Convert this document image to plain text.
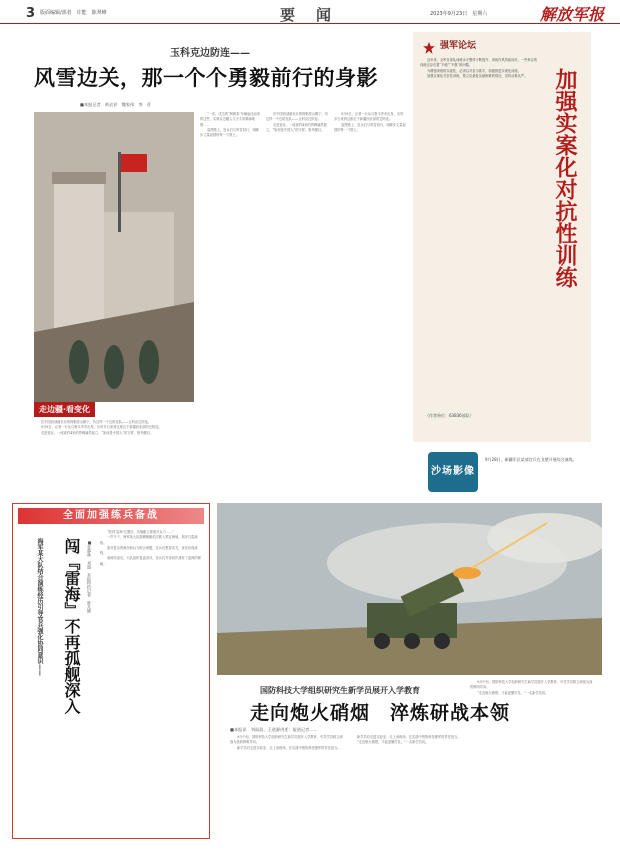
3 版面编辑/部者　许能　陈翠峰	要　闻	2023年9月23日　星期六	解放军报
玉科克边防连——
风雪边关，那一个个勇毅前行的身影
■本报记者　黄必祥　魏家伟　李　晋
走边疆·看变化

在中国西部最东北的阿勒泰山脚下，有这样一个边防连队——玉科克边防连。

9月8日，记者一行从乌鲁木齐市出发，历时多日来到这座位于新疆西北部的边防连。

走进营区，一座高约4米的界碑赫然挺立，“如何是中国人”的字样，格外醒目。

“一次，戍边的“阿勒泰’车辆途径而来的这些，实则以边疆人与天斗的精神地图……

巡逻路上，官兵们与风雪同行，用脚步丈量祖国的每一寸领土。

在中国西部最东北的阿勒泰山脚下，有这样一个边防连队——玉科克边防连。

走进营区，一座高约4米的界碑赫然挺立，“如何是中国人”的字样，格外醒目。

9月8日，记者一行从乌鲁木齐市出发，历时多日来到这座位于新疆西北部的边防连。

巡逻路上，官兵们与风雪同行，用脚步丈量祖国的每一寸领土。

强军论坛

近年来，全军各部队训练水平整体不断提升，训练作风持续向好，一些单位的训练还存在着“不硬”“不强”的问题。

为增强训练的实战性，必须以对抗为抓手，积极推进实案化训练。

加强实案化对抗性训练，要立足最复杂最困难的情况，坚持从难从严。	加强实案化对抗性训练
（作者单位：63836部队）
沙场影像
9月28日，新疆军区某部官兵在戈壁开展综合演练。
全面加强练兵备战
海军某大队结合演练经历引导官兵强化协同意识——	闯『雷海』不再孤舰深入 ■张静林　刘盛　本报特约记者　陈凡健

“收到‘雷海’位置后，各舰艇立即展开兵力……”

一声令下，海军某大队数艘舰艇依次驶入预定海域，展开扫雷演练。

面对复杂的海况和兵力配合难题，官兵们集智攻关，优化协同流程。

演练结束后，大队组织复盘讲评，官兵们对协同作战有了更深的理解。

国防科技大学组织研究生新学员展开入学教育
走向炮火硝烟　淬炼研战本领
■本报讯　刘雨晨、王道源讲述：报道记者……

9月中旬，国防科技大学组织研究生新学员展开入学教育，引导学员树立研战为战的鲜明导向。

新学员们走进实验室、走上训练场，在实践中感悟科技强军的责任担当。

新学员们走进实验室、走上训练场，在实践中感悟科技强军的责任担当。

“走近炮火硝烟，才能更懂打仗。”一名新学员说。

9月中旬，国防科技大学组织研究生新学员展开入学教育，引导学员树立研战为战的鲜明导向。

“走近炮火硝烟，才能更懂打仗。”一名新学员说。
